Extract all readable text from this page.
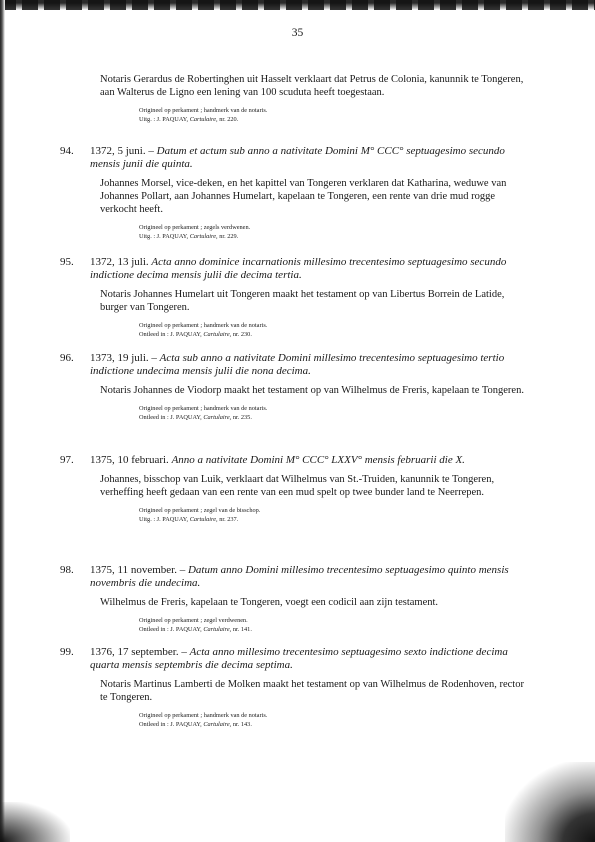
35

Notaris Gerardus de Robertinghen uit Hasselt verklaart dat Petrus de Colonia, kanunnik te Tongeren, aan Walterus de Ligno een lening van 100 scuduta heeft toegestaan.

Origineel op perkament ; handmerk van de notaris.
Uitg. : J. PAQUAY, Cartulaire, nr. 220.
94. 1372, 5 juni. – Datum et actum sub anno a nativitate Domini M° CCC° septuagesimo secundo mensis junii die quinta.

Johannes Morsel, vice-deken, en het kapittel van Tongeren verklaren dat Katharina, weduwe van Johannes Pollart, aan Johannes Humelart, kapelaan te Tongeren, een rente van drie mud rogge verkocht heeft.

Origineel op perkament ; zegels verdwenen.
Uitg. : J. PAQUAY, Cartulaire, nr. 229.
95. 1372, 13 juli. Acta anno dominice incarnationis millesimo trecentesimo septuagesimo secundo indictione decima mensis julii die decima tertia.

Notaris Johannes Humelart uit Tongeren maakt het testament op van Libertus Borrein de Latide, burger van Tongeren.

Origineel op perkament ; handmerk van de notaris.
Ontleed in : J. PAQUAY, Cartulaire, nr. 230.
96. 1373, 19 juli. – Acta sub anno a nativitate Domini millesimo trecentesimo septuagesimo tertio indictione undecima mensis julii die nona decima.

Notaris Johannes de Viodorp maakt het testament op van Wilhelmus de Freris, kapelaan te Tongeren.

Origineel op perkament ; handmerk van de notaris.
Ontleed in : J. PAQUAY, Cartulaire, nr. 235.
97. 1375, 10 februari. Anno a nativitate Domini M° CCC° LXXV° mensis februarii die X.

Johannes, bisschop van Luik, verklaart dat Wilhelmus van St.-Truiden, kanunnik te Tongeren, verheffing heeft gedaan van een rente van een mud spelt op twee bunder land te Neerrepen.

Origineel op perkament ; zegel van de bisschop.
Uitg. : J. PAQUAY, Cartulaire, nr. 237.
98. 1375, 11 november. – Datum anno Domini millesimo trecentesimo septuagesimo quinto mensis novembris die undecima.

Wilhelmus de Freris, kapelaan te Tongeren, voegt een codicil aan zijn testament.

Origineel op perkament ; zegel verdwenen.
Ontleed in : J. PAQUAY, Cartulaire, nr. 141.
99. 1376, 17 september. – Acta anno millesimo trecentesimo septuagesimo sexto indictione decima quarta mensis septembris die decima septima.

Notaris Martinus Lamberti de Molken maakt het testament op van Wilhelmus de Rodenhoven, rector te Tongeren.

Origineel op perkament ; handmerk van de notaris.
Ontleed in : J. PAQUAY, Cartulaire, nr. 143.
